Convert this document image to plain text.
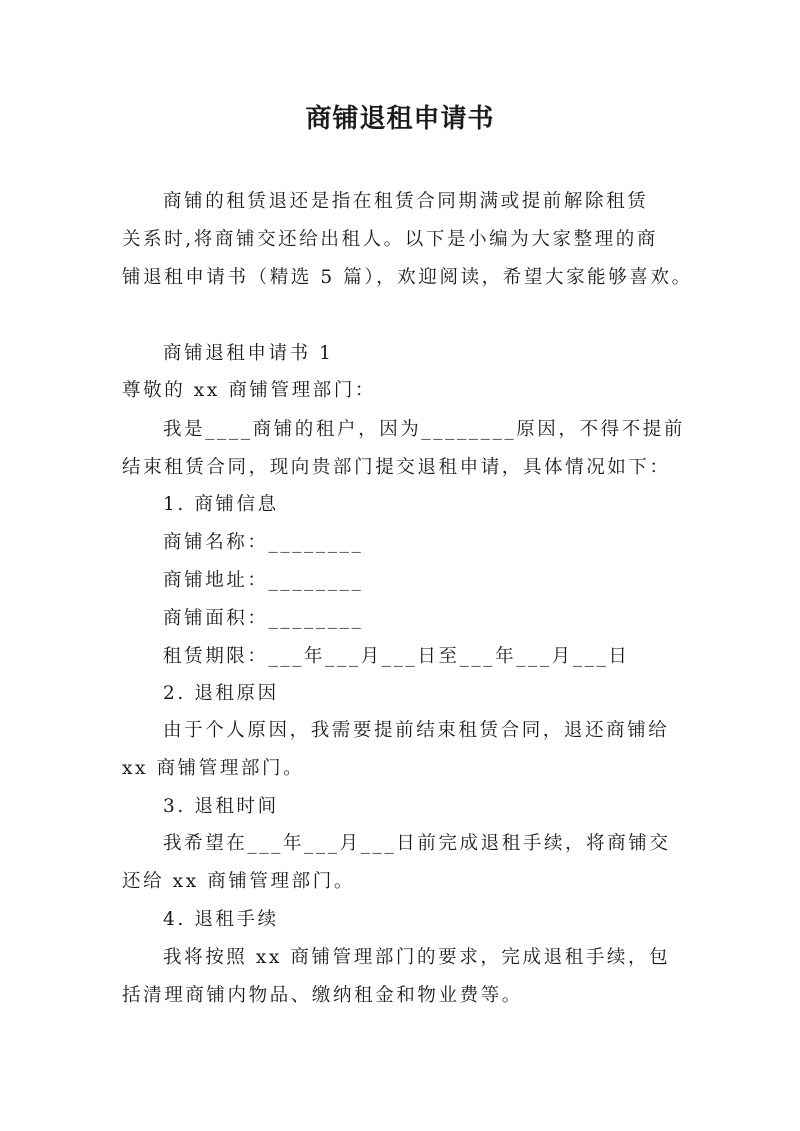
商铺退租申请书
商铺的租赁退还是指在租赁合同期满或提前解除租赁
关系时,将商铺交还给出租人。以下是小编为大家整理的商
铺退租申请书（精选 5 篇），欢迎阅读，希望大家能够喜欢。
商铺退租申请书 1
尊敬的 xx 商铺管理部门：
我是____商铺的租户，因为________原因，不得不提前
结束租赁合同，现向贵部门提交退租申请，具体情况如下：
1. 商铺信息
商铺名称：________
商铺地址：________
商铺面积：________
租赁期限：___年___月___日至___年___月___日
2. 退租原因
由于个人原因，我需要提前结束租赁合同，退还商铺给
xx 商铺管理部门。
3. 退租时间
我希望在___年___月___日前完成退租手续，将商铺交
还给 xx 商铺管理部门。
4. 退租手续
我将按照 xx 商铺管理部门的要求，完成退租手续，包
括清理商铺内物品、缴纳租金和物业费等。
